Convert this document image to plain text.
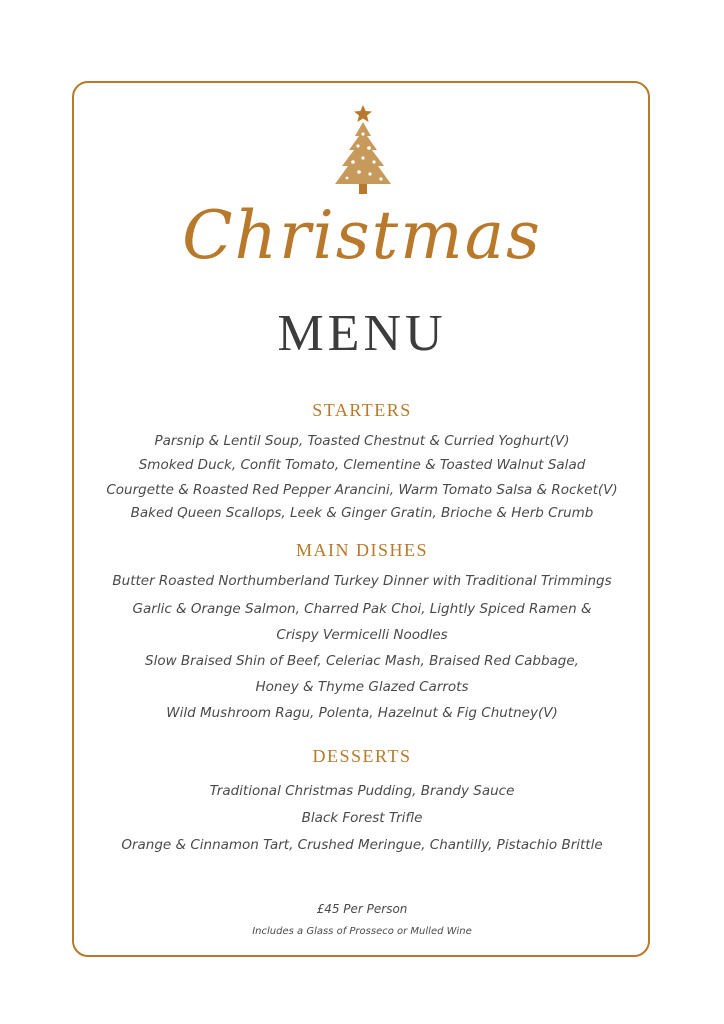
Christmas
MENU
STARTERS
Parsnip & Lentil Soup, Toasted Chestnut & Curried Yoghurt(V)
Smoked Duck, Confit Tomato, Clementine & Toasted Walnut Salad
Courgette & Roasted Red Pepper Arancini, Warm Tomato Salsa & Rocket(V)
Baked Queen Scallops, Leek & Ginger Gratin, Brioche & Herb Crumb
MAIN DISHES
Butter Roasted Northumberland Turkey Dinner with Traditional Trimmings
Garlic & Orange Salmon, Charred Pak Choi, Lightly Spiced Ramen &
Crispy Vermicelli Noodles
Slow Braised Shin of Beef, Celeriac Mash, Braised Red Cabbage,
Honey & Thyme Glazed Carrots
Wild Mushroom Ragu, Polenta, Hazelnut & Fig Chutney(V)
DESSERTS
Traditional Christmas Pudding, Brandy Sauce
Black Forest Trifle
Orange & Cinnamon Tart, Crushed Meringue, Chantilly, Pistachio Brittle
£45 Per Person
Includes a Glass of Prosseco or Mulled Wine
